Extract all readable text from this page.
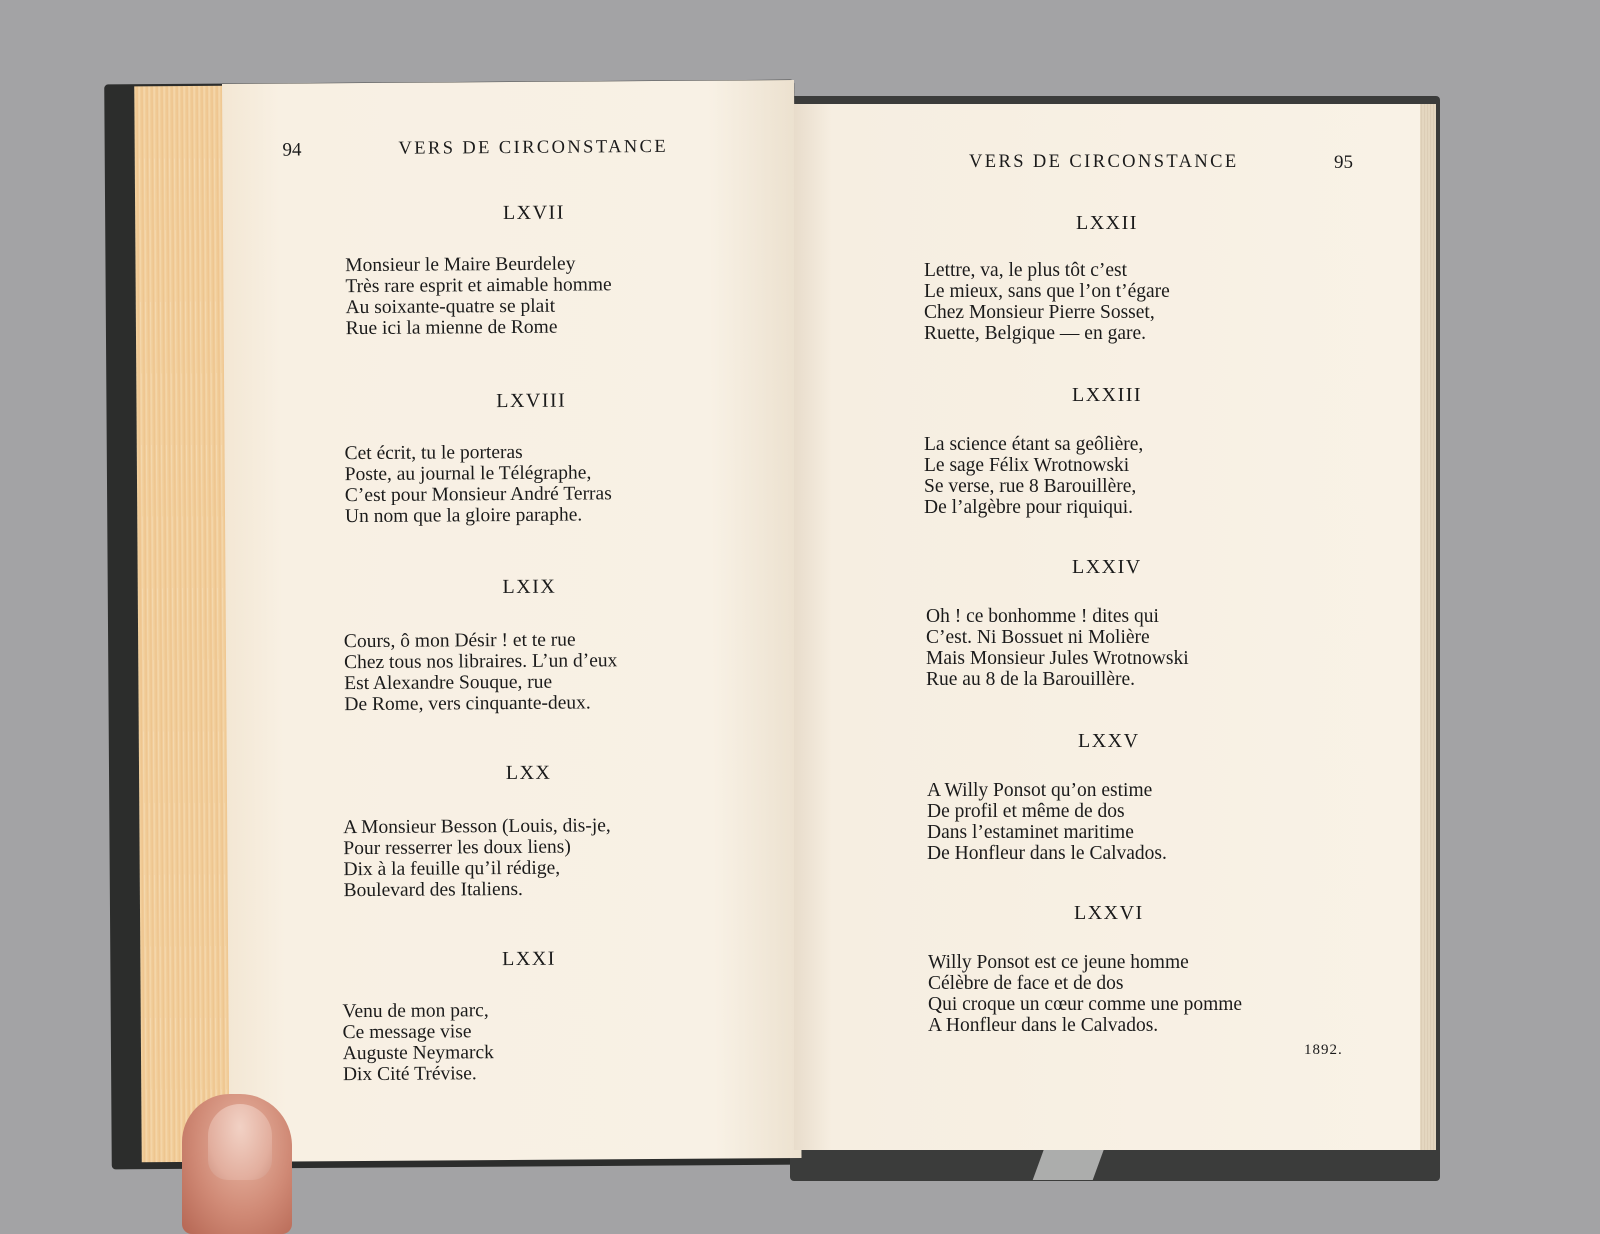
94	VERS DE CIRCONSTANCE
LXVII
Monsieur le Maire Beurdeley
Très rare esprit et aimable homme
Au soixante-quatre se plait
Rue ici la mienne de Rome
LXVIII
Cet écrit, tu le porteras
Poste, au journal le Télégraphe,
C’est pour Monsieur André Terras
Un nom que la gloire paraphe.
LXIX
Cours, ô mon Désir ! et te rue
Chez tous nos libraires. L’un d’eux
Est Alexandre Souque, rue
De Rome, vers cinquante-deux.
LXX
A Monsieur Besson (Louis, dis-je,
Pour resserrer les doux liens)
Dix à la feuille qu’il rédige,
Boulevard des Italiens.
LXXI
Venu de mon parc,
Ce message vise
Auguste Neymarck
Dix Cité Trévise.
VERS DE CIRCONSTANCE	95
LXXII
Lettre, va, le plus tôt c’est
Le mieux, sans que l’on t’égare
Chez Monsieur Pierre Sosset,
Ruette, Belgique — en gare.
LXXIII
La science étant sa geôlière,
Le sage Félix Wrotnowski
Se verse, rue 8 Barouillère,
De l’algèbre pour riquiqui.
LXXIV
Oh ! ce bonhomme ! dites qui
C’est. Ni Bossuet ni Molière
Mais Monsieur Jules Wrotnowski
Rue au 8 de la Barouillère.
LXXV
A Willy Ponsot qu’on estime
De profil et même de dos
Dans l’estaminet maritime
De Honfleur dans le Calvados.
LXXVI
Willy Ponsot est ce jeune homme
Célèbre de face et de dos
Qui croque un cœur comme une pomme
A Honfleur dans le Calvados.
1892.
